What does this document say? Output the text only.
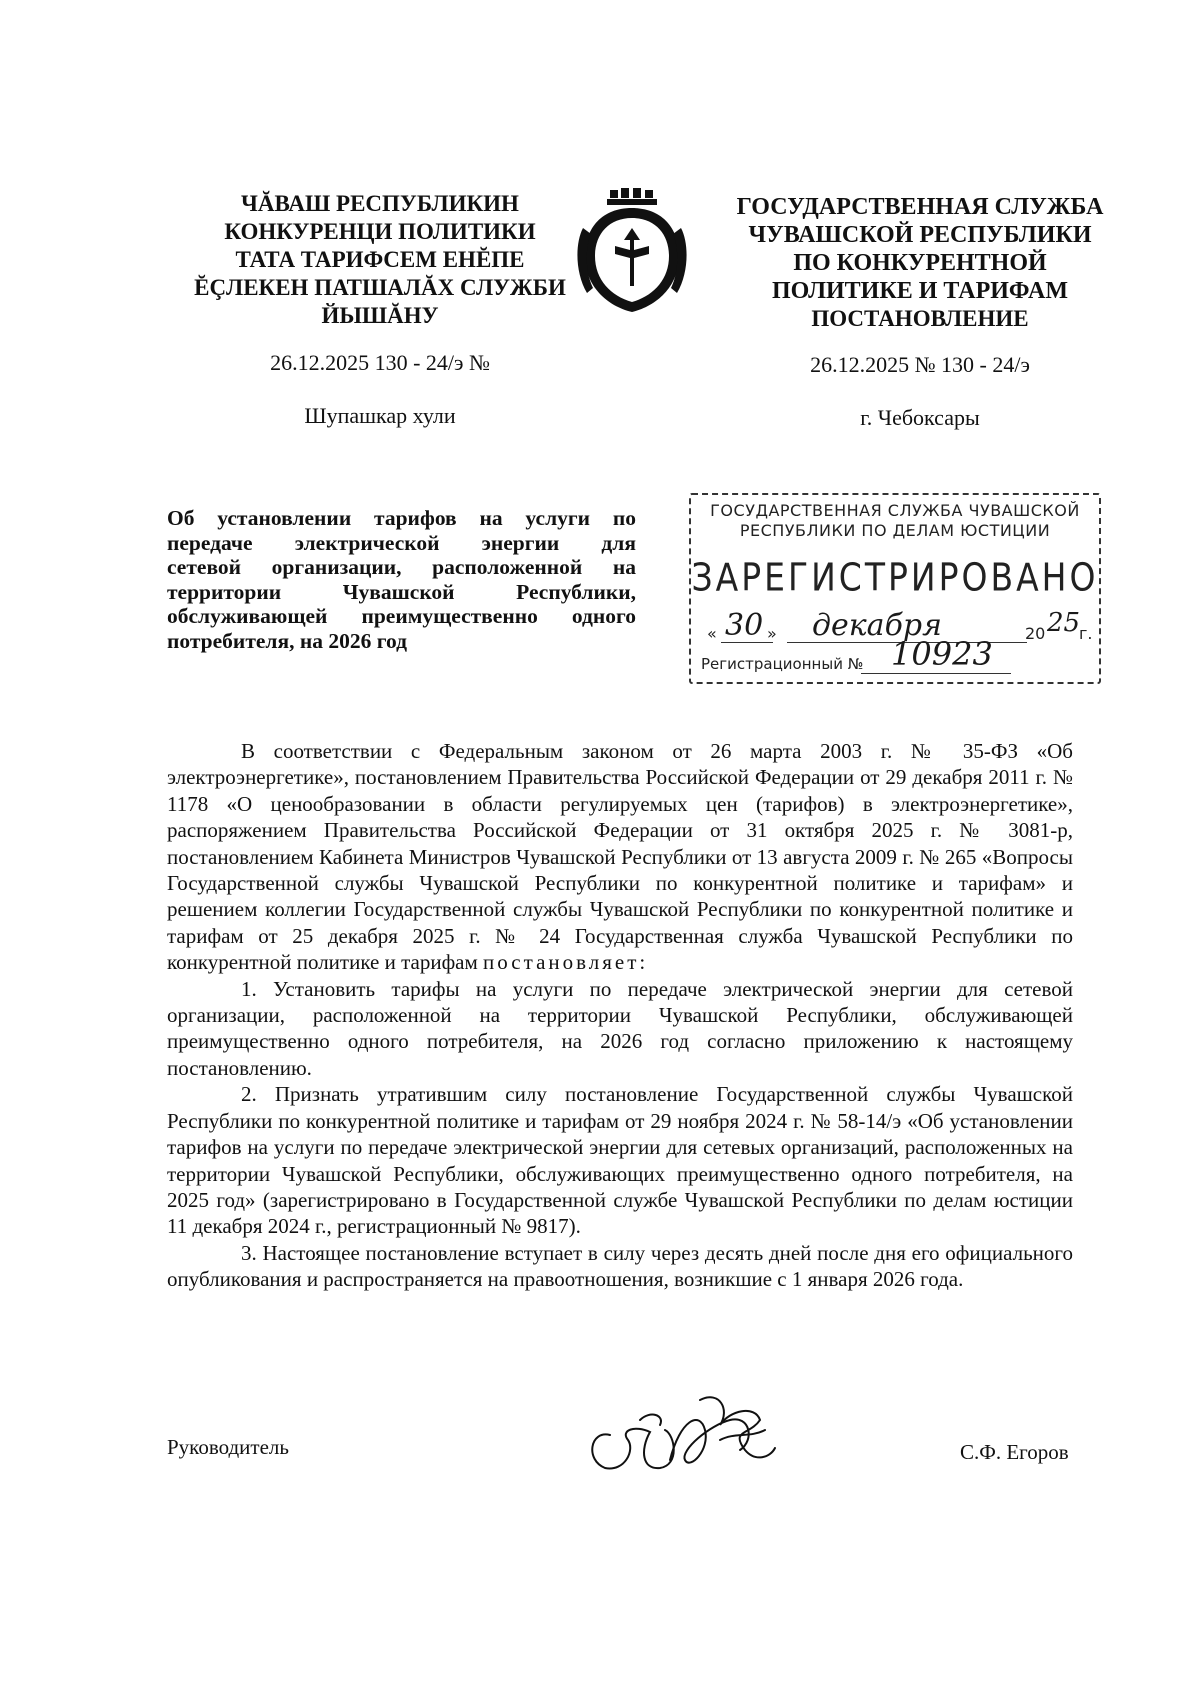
ЧĂВАШ РЕСПУБЛИКИН
КОНКУРЕНЦИ ПОЛИТИКИ
ТАТА ТАРИФСЕМ ЕНĔПЕ
ĔÇЛЕКЕН ПАТШАЛĂХ СЛУЖБИ
ЙЫШĂНУ
26.12.2025 130 - 24/э №
Шупашкар хули
ГОСУДАРСТВЕННАЯ СЛУЖБА
ЧУВАШСКОЙ РЕСПУБЛИКИ
ПО КОНКУРЕНТНОЙ
ПОЛИТИКЕ И ТАРИФАМ
ПОСТАНОВЛЕНИЕ
26.12.2025 № 130 - 24/э
г. Чебоксары
Об установлении тарифов на услуги по
передаче электрической энергии для
сетевой организации, расположенной на
территории Чувашской Республики,
обслуживающей преимущественно одного
потребителя, на 2026 год
ГОСУДАРСТВЕННАЯ СЛУЖБА ЧУВАШСКОЙ
РЕСПУБЛИКИ ПО ДЕЛАМ ЮСТИЦИИ
ЗАРЕГИСТРИРОВАНО
« 30 » декабря	20 25
г.
Регистрационный № 10923

В соответствии с Федеральным законом от 26 марта 2003 г. № 35-ФЗ «Об электроэнергетике», постановлением Правительства Российской Федерации от 29 декабря 2011 г. № 1178 «О ценообразовании в области регулируемых цен (тарифов) в электроэнергетике», распоряжением Правительства Российской Федерации от 31 октября 2025 г. № 3081-р, постановлением Кабинета Министров Чувашской Республики от 13 августа 2009 г. № 265 «Вопросы Государственной службы Чувашской Республики по конкурентной политике и тарифам» и решением коллегии Государственной службы Чувашской Республики по конкурентной политике и тарифам от 25 декабря 2025 г. № 24 Государственная служба Чувашской Республики по конкурентной политике и тарифам постановляет:

1. Установить тарифы на услуги по передаче электрической энергии для сетевой организации, расположенной на территории Чувашской Республики, обслуживающей преимущественно одного потребителя, на 2026 год согласно приложению к настоящему постановлению.

2. Признать утратившим силу постановление Государственной службы Чувашской Республики по конкурентной политике и тарифам от 29 ноября 2024 г. № 58-14/э «Об установлении тарифов на услуги по передаче электрической энергии для сетевых организаций, расположенных на территории Чувашской Республики, обслуживающих преимущественно одного потребителя, на 2025 год» (зарегистрировано в Государственной службе Чувашской Республики по делам юстиции 11 декабря 2024 г., регистрационный № 9817).

3. Настоящее постановление вступает в силу через десять дней после дня его официального опубликования и распространяется на правоотношения, возникшие с 1 января 2026 года.

Руководитель	С.Ф. Егоров
